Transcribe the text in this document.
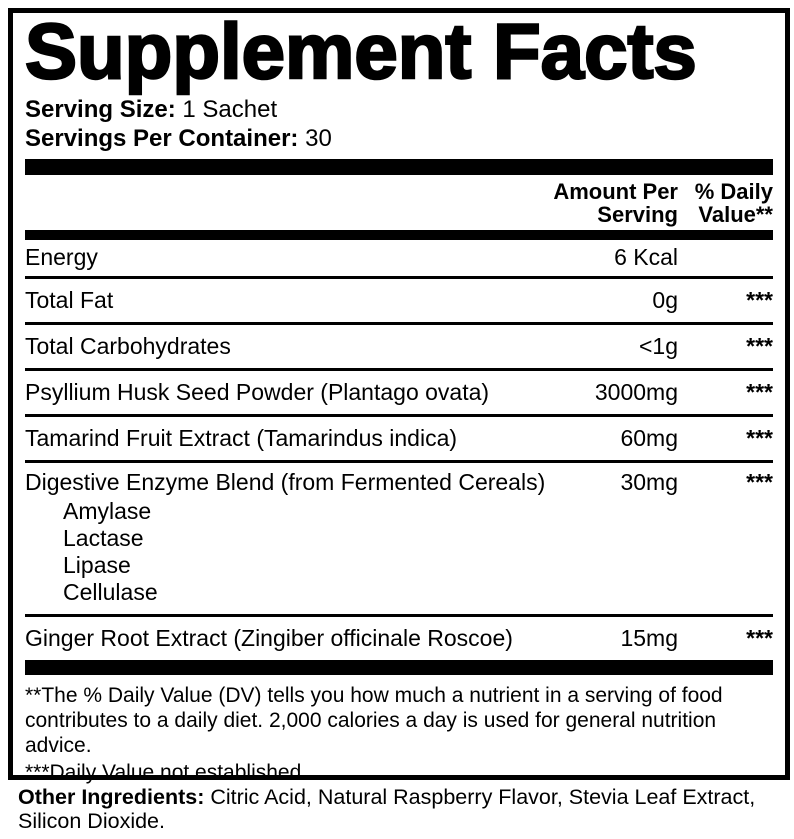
Supplement Facts
Serving Size: 1 Sachet
Servings Per Container: 30
Amount Per Serving
% Daily Value**
Energy	6 Kcal
Total Fat	0g	***
Total Carbohydrates	<1g	***
Psyllium Husk Seed Powder (Plantago ovata)	3000mg	***
Tamarind Fruit Extract (Tamarindus indica)	60mg	***
Digestive Enzyme Blend (from Fermented Cereals)	30mg	***
Amylase
Lactase
Lipase
Cellulase
Ginger Root Extract (Zingiber officinale Roscoe)	15mg	***

**The % Daily Value (DV) tells you how much a nutrient in a serving of food contributes to a daily diet. 2,000 calories a day is used for general nutrition advice.

***Daily Value not established.

Other Ingredients: Citric Acid, Natural Raspberry Flavor, Stevia Leaf Extract, Silicon Dioxide.
